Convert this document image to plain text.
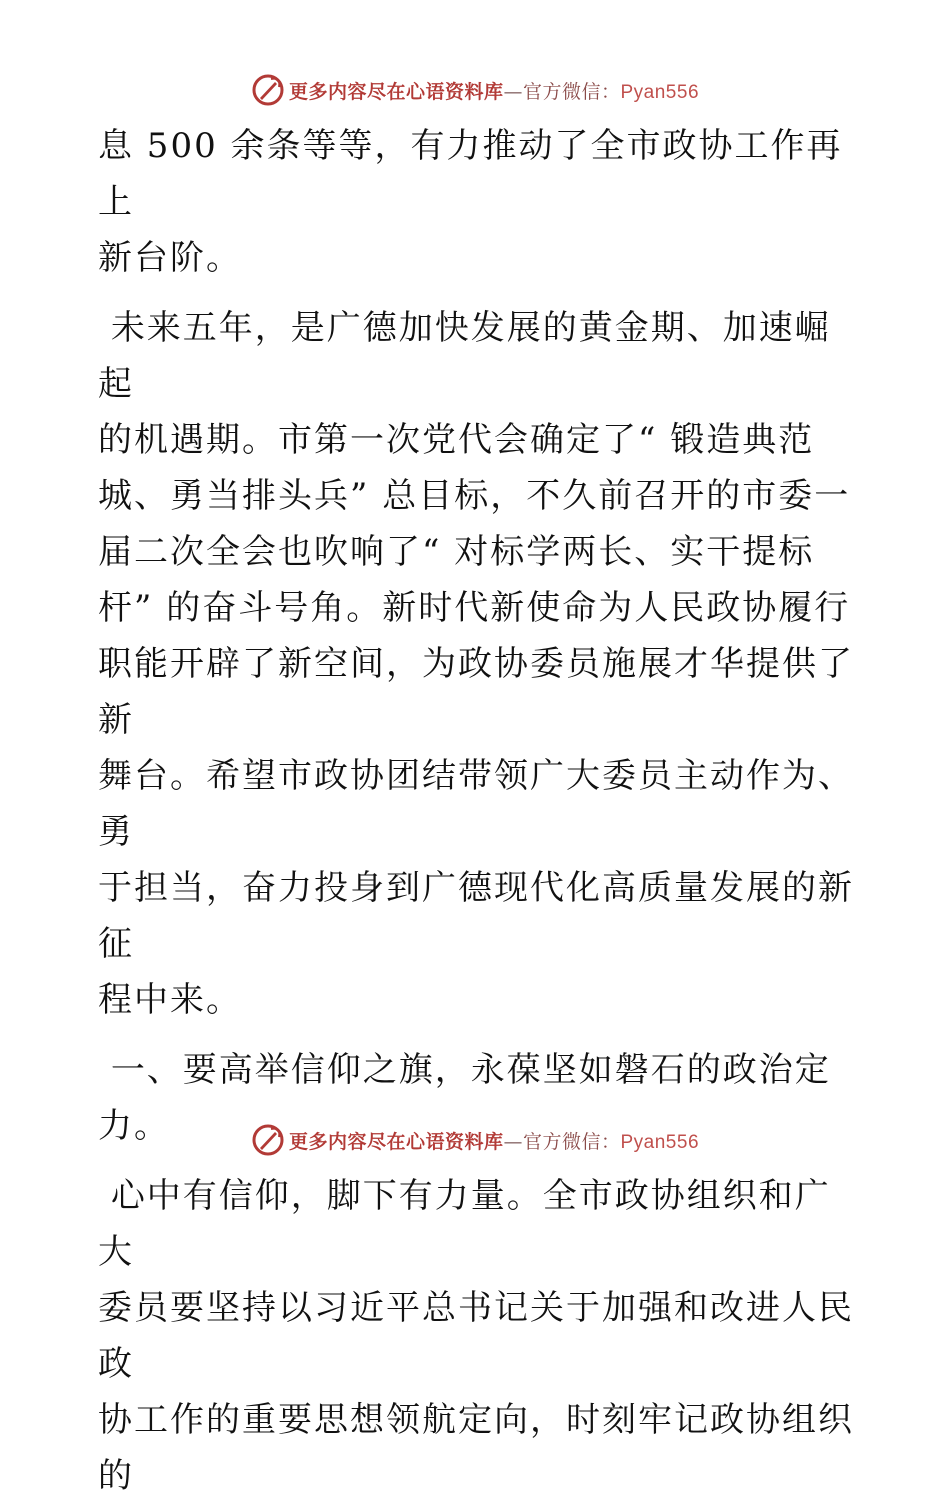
更多内容尽在心语资料库—官方微信：Pyan556

息 500 余条等等，有力推动了全市政协工作再上
新台阶。

未来五年，是广德加快发展的黄金期、加速崛起
的机遇期。市第一次党代会确定了“ 锻造典范
城、勇当排头兵” 总目标，不久前召开的市委一
届二次全会也吹响了“ 对标学两长、实干提标
杆” 的奋斗号角。新时代新使命为人民政协履行
职能开辟了新空间，为政协委员施展才华提供了新
舞台。希望市政协团结带领广大委员主动作为、勇
于担当，奋力投身到广德现代化高质量发展的新征
程中来。

一、要高举信仰之旗，永葆坚如磐石的政治定
力。

心中有信仰，脚下有力量。全市政协组织和广大
委员要坚持以习近平总书记关于加强和改进人民政
协工作的重要思想领航定向，时刻牢记政协组织的

更多内容尽在心语资料库—官方微信：Pyan556
